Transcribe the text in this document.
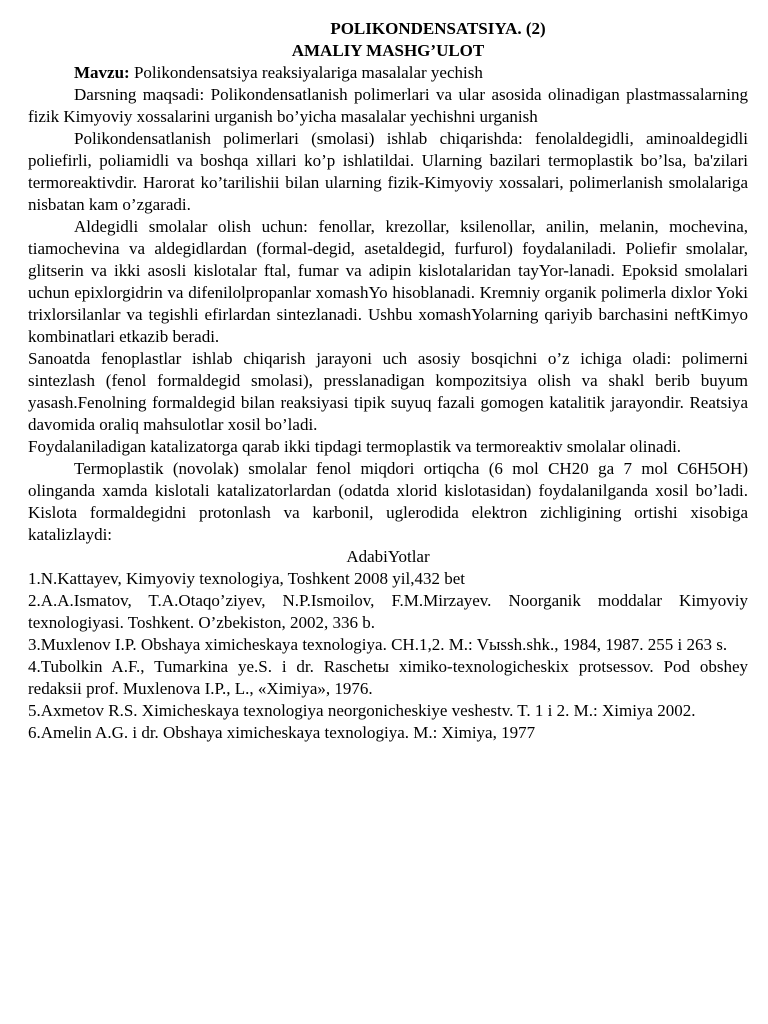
POLIKONDENSATSIYA. (2)

AMALIY MASHG’ULOT

Mavzu: Polikondensatsiya reaksiyalariga masalalar yechish

Darsning maqsadi: Polikondensatlanish polimerlari va ular asosida olinadigan plastmassalarning fizik Kimyoviy xossalarini urganish bo’yicha masalalar yechishni urganish

Polikondensatlanish polimerlari (smolasi) ishlab chiqarishda: fenolaldegidli, aminoaldegidli poliefirli, poliamidli va boshqa xillari ko’p ishlatildai. Ularning bazilari termoplastik bo’lsa, ba'zilari termoreaktivdir. Harorat ko’tarilishii bilan ularning fizik-Kimyoviy xossalari, polimerlanish smolalariga nisbatan kam o’zgaradi.

Aldegidli smolalar olish uchun: fenollar, krezollar, ksilenollar, anilin, melanin, mochevina, tiamochevina va aldegidlardan (formal-degid, asetaldegid, furfurol) foydalaniladi. Poliefir smolalar, glitserin va ikki asosli kislotalar ftal, fumar va adipin kislotalaridan tayYor-lanadi. Epoksid smolalari uchun epixlorgidrin va difenilolpropanlar xomashYo hisoblanadi. Kremniy organik polimerla dixlor Yoki trixlorsilanlar va tegishli efirlardan sintezlanadi. Ushbu xomashYolarning qariyib barchasini neftKimyo kombinatlari etkazib beradi.

Sanoatda fenoplastlar ishlab chiqarish jarayoni uch asosiy bosqichni o’z ichiga oladi: polimerni sintezlash (fenol formaldegid smolasi), presslanadigan kompozitsiya olish va shakl berib buyum yasash.Fenolning formaldegid bilan reaksiyasi tipik suyuq fazali gomogen katalitik jarayondir. Reatsiya davomida oraliq mahsulotlar xosil bo’ladi.

Foydalaniladigan katalizatorga qarab ikki tipdagi termoplastik va termoreaktiv smolalar olinadi.

Termoplastik (novolak) smolalar fenol miqdori ortiqcha (6 mol CH20 ga 7 mol C6H5OH) olinganda xamda kislotali katalizatorlardan (odatda xlorid kislotasidan) foydalanilganda xosil bo’ladi. Kislota formaldegidni protonlash va karbonil, uglerodida elektron zichligining ortishi xisobiga katalizlaydi:

AdabiYotlar

1.N.Kattayev, Kimyoviy texnologiya, Toshkent 2008 yil,432 bet

2.A.A.Ismatov, T.A.Otaqo’ziyev, N.P.Ismoilov, F.M.Mirzayev. Noorganik moddalar Kimyoviy texnologiyasi. Toshkent. O’zbekiston, 2002, 336 b.

3.Muxlenov I.P. Obshaya ximicheskaya texnologiya. CH.1,2. M.: Vыssh.shk., 1984, 1987. 255 i 263 s.

4.Tubolkin A.F., Tumarkina ye.S. i dr. Raschetы ximiko-texnologicheskix protsessov. Pod obshey redaksii prof. Muxlenova I.P., L., «Ximiya», 1976.

5.Axmetov R.S. Ximicheskaya texnologiya neorgonicheskiye veshestv. T. 1 i 2. M.: Ximiya 2002.

6.Amelin A.G. i dr. Obshaya ximicheskaya texnologiya. M.: Ximiya, 1977
